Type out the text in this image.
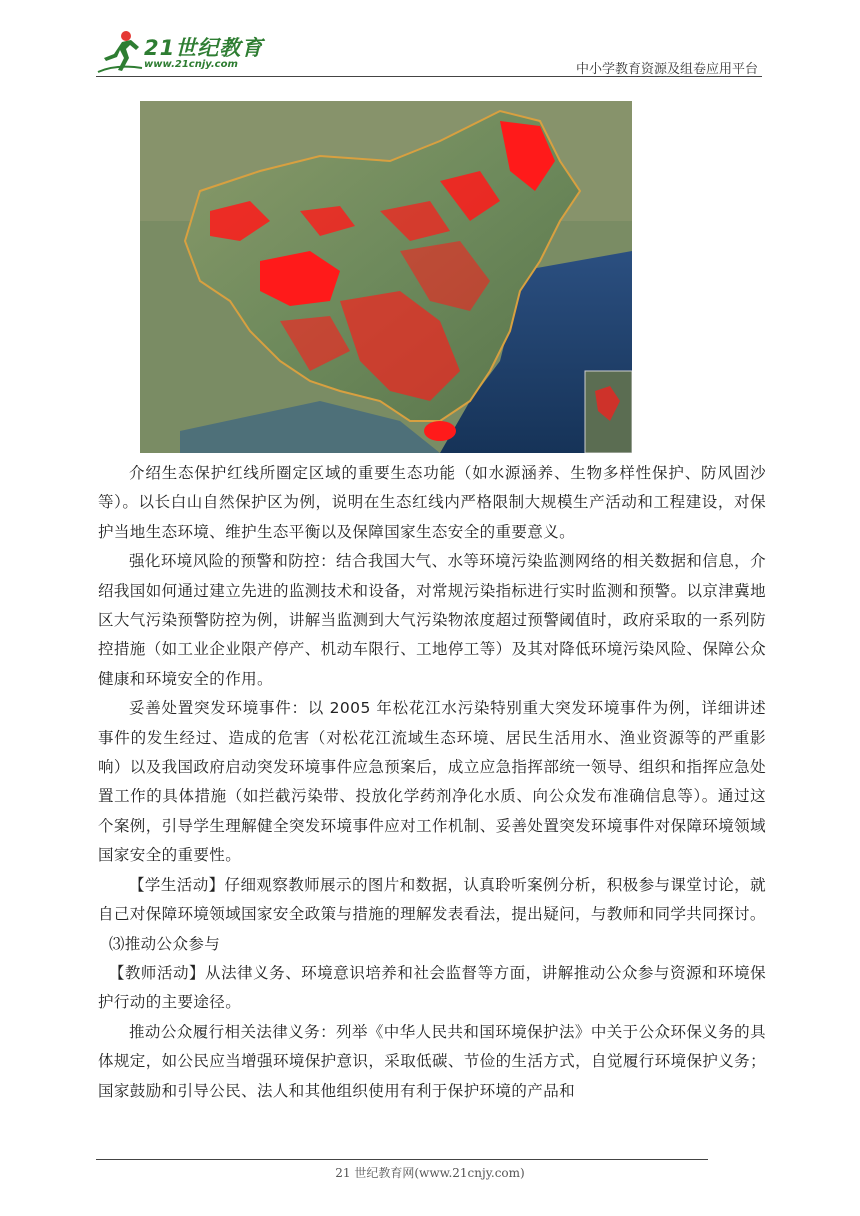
21世纪教育
www.21cnjy.com	中小学教育资源及组卷应用平台

介绍生态保护红线所圈定区域的重要生态功能（如水源涵养、生物多样性保护、防风固沙等）。以长白山自然保护区为例，说明在生态红线内严格限制大规模生产活动和工程建设，对保护当地生态环境、维护生态平衡以及保障国家生态安全的重要意义。

强化环境风险的预警和防控：结合我国大气、水等环境污染监测网络的相关数据和信息，介绍我国如何通过建立先进的监测技术和设备，对常规污染指标进行实时监测和预警。以京津冀地区大气污染预警防控为例，讲解当监测到大气污染物浓度超过预警阈值时，政府采取的一系列防控措施（如工业企业限产停产、机动车限行、工地停工等）及其对降低环境污染风险、保障公众健康和环境安全的作用。

妥善处置突发环境事件：以 2005 年松花江水污染特别重大突发环境事件为例，详细讲述事件的发生经过、造成的危害（对松花江流域生态环境、居民生活用水、渔业资源等的严重影响）以及我国政府启动突发环境事件应急预案后，成立应急指挥部统一领导、组织和指挥应急处置工作的具体措施（如拦截污染带、投放化学药剂净化水质、向公众发布准确信息等）。通过这个案例，引导学生理解健全突发环境事件应对工作机制、妥善处置突发环境事件对保障环境领域国家安全的重要性。

【学生活动】仔细观察教师展示的图片和数据，认真聆听案例分析，积极参与课堂讨论，就自己对保障环境领域国家安全政策与措施的理解发表看法，提出疑问，与教师和同学共同探讨。

⑶推动公众参与

【教师活动】从法律义务、环境意识培养和社会监督等方面，讲解推动公众参与资源和环境保护行动的主要途径。

推动公众履行相关法律义务：列举《中华人民共和国环境保护法》中关于公众环保义务的具体规定，如公民应当增强环境保护意识，采取低碳、节俭的生活方式，自觉履行环境保护义务；国家鼓励和引导公民、法人和其他组织使用有利于保护环境的产品和

21 世纪教育网(www.21cnjy.com)
